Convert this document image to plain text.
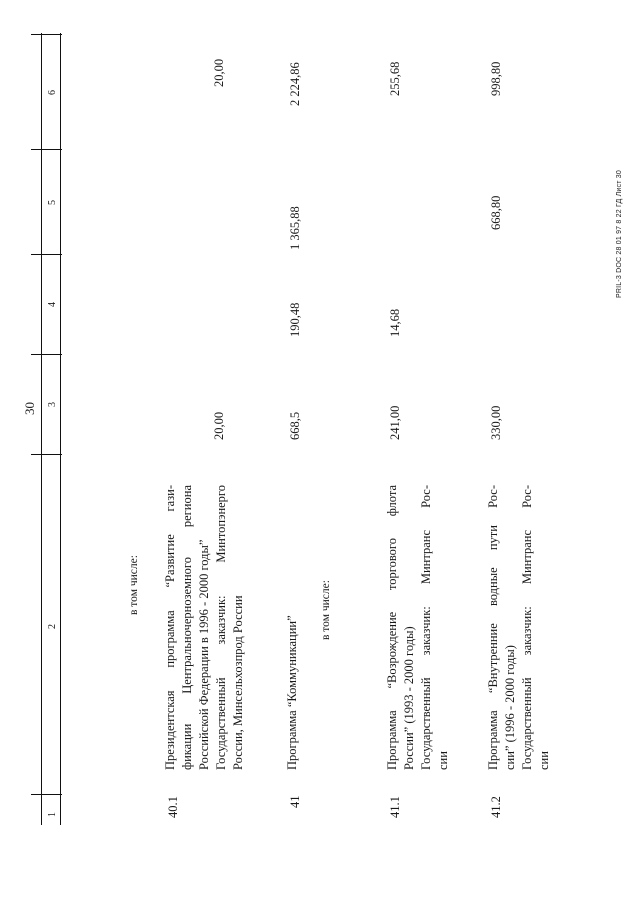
30
PRIL-3 DOC 28 01 97 8 22 ГД Лист 30
1
2
3
4
5
6
в том числе:	в том числе:
40.1

Президентская программа “Развитие гази- фикации Центральночерноземного региона Российской Федерации в 1996 - 2000 годы” Государственный заказчик: Минтопэнерго России, Минсельхозпрод России

20,00
20,00
41
Программа “Коммуникации”
668,5
190,48
1 365,88
2 224,86
41.1

Программа “Возрождение торгового флота России” (1993 - 2000 годы) Государственный заказчик: Минтранс Рос- сии

241,00
14,68
255,68
41.2

Программа “Внутренние водные пути Рос- сии” (1996 - 2000 годы) Государственный заказчик: Минтранс Рос- сии

330,00
668,80
998,80
